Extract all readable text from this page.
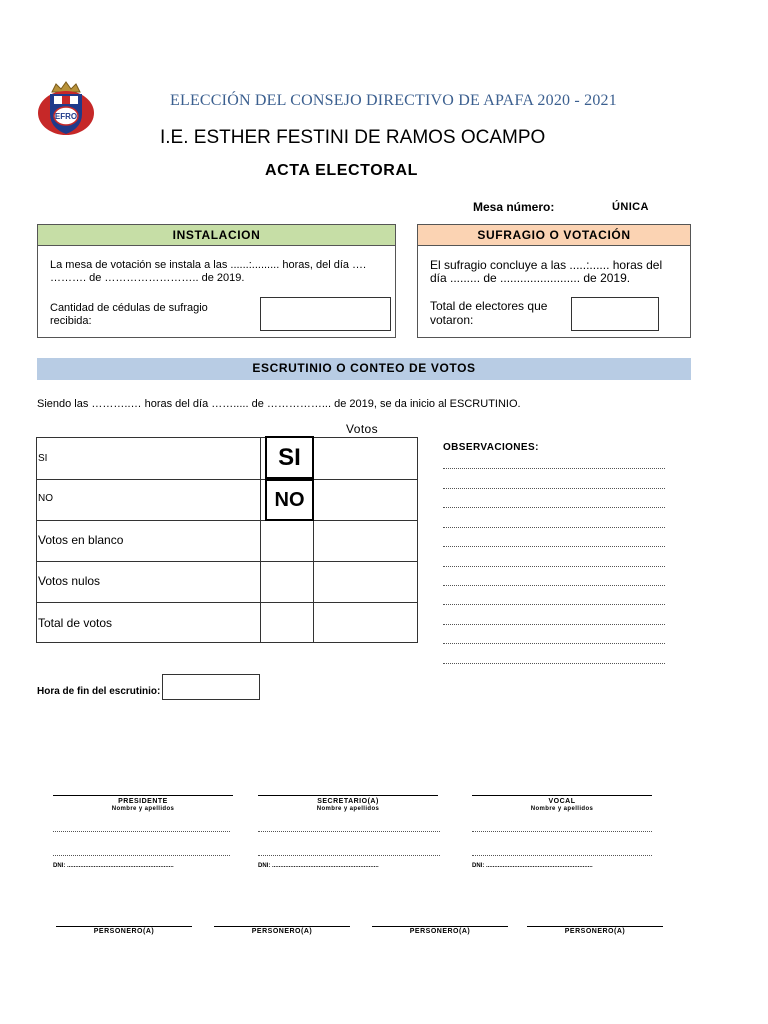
EFRO
ELECCIÓN DEL CONSEJO DIRECTIVO DE APAFA 2020 - 2021
I.E. ESTHER FESTINI DE RAMOS OCAMPO
ACTA ELECTORAL
Mesa número:	ÚNICA
INSTALACION
La mesa de votación se instala a las ......:......... horas, del día ….
………. de …………………….. de 2019.
Cantidad de cédulas de sufragio
recibida:
SUFRAGIO O VOTACIÓN
El sufragio concluye a las .....:...... horas del
día ......... de ........................ de 2019.
Total de electores que
votaron:
ESCRUTINIO O CONTEO DE VOTOS
Siendo las ………..… horas del día ……..... de ……………... de 2019, se da inicio al ESCRUTINIO.
Votos
SI
NO
Votos en blanco
Votos nulos
Total de votos
SI
NO
OBSERVACIONES:
Hora de fin del escrutinio:
PRESIDENTE
Nombre y apellidos
DNI: ................................................................
SECRETARIO(A)
Nombre y apellidos
DNI: ................................................................
VOCAL
Nombre y apellidos
DNI: ................................................................
PERSONERO(A)	PERSONERO(A)	PERSONERO(A)	PERSONERO(A)
